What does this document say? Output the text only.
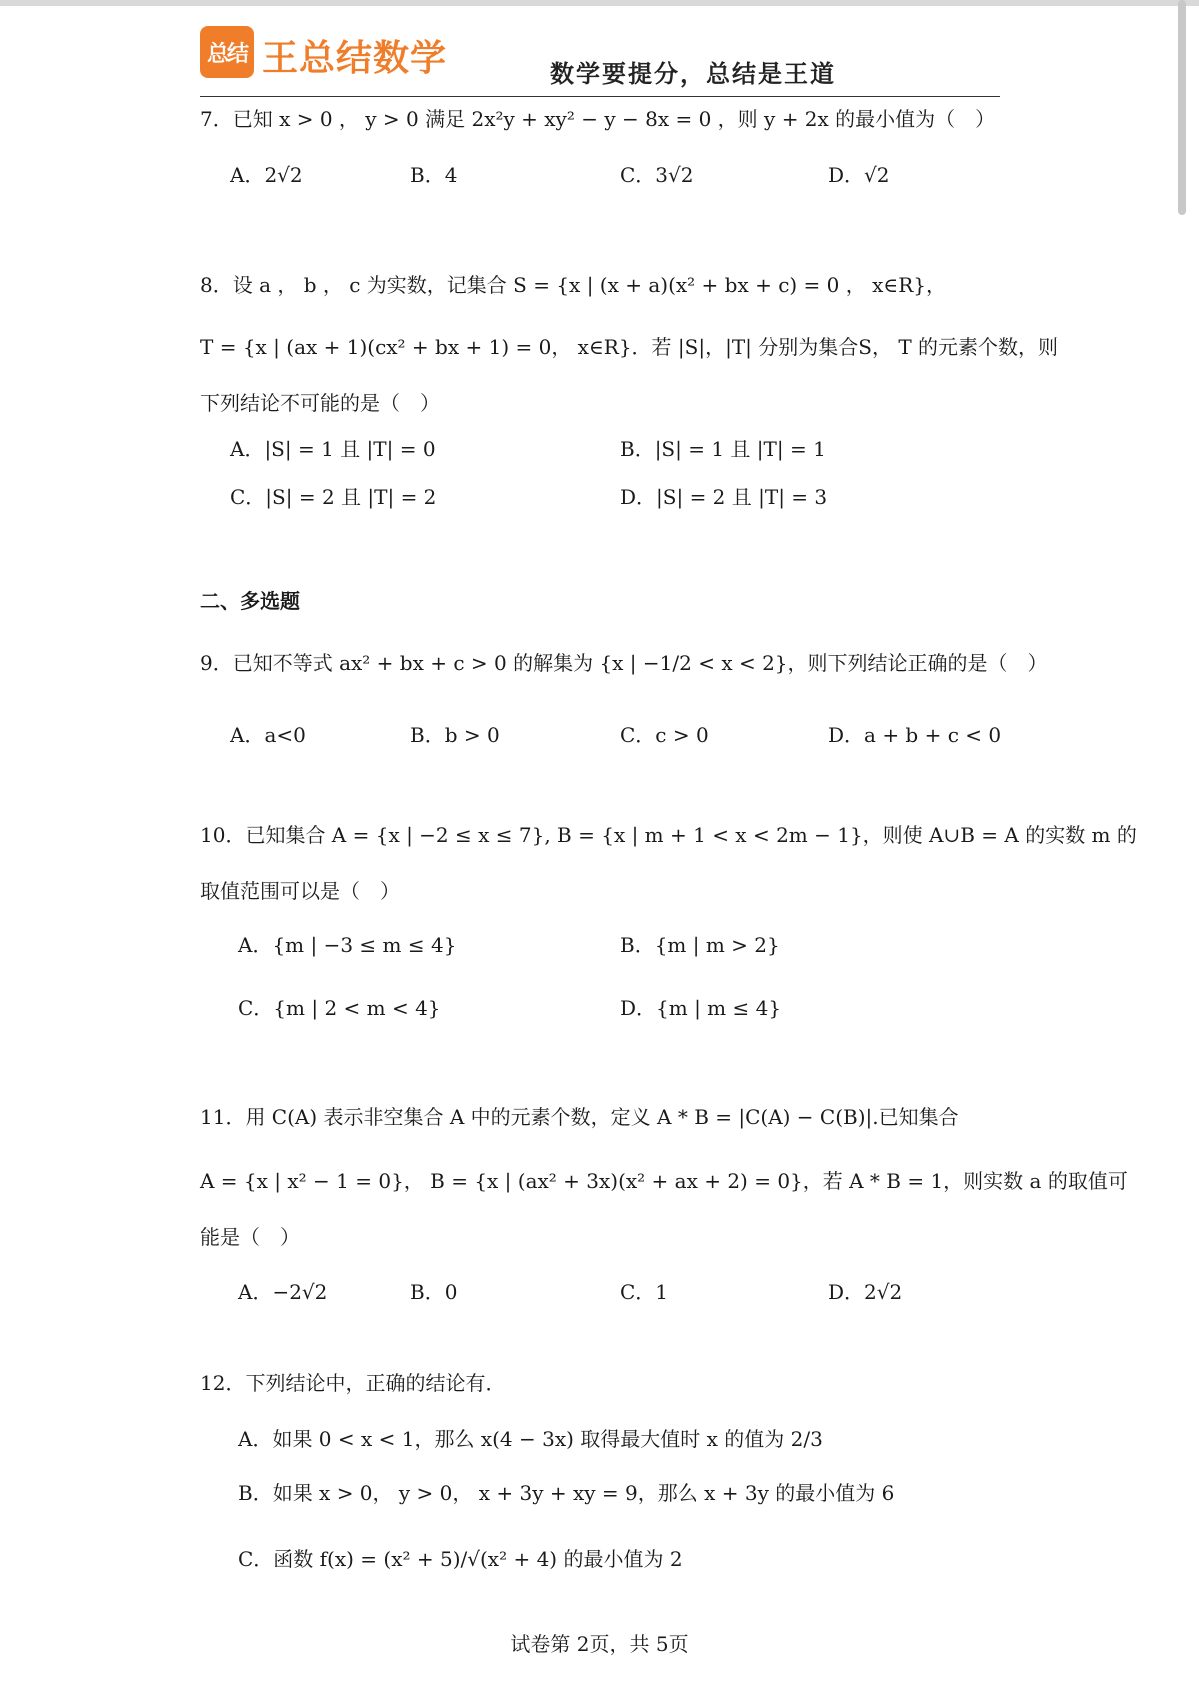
总结 王总结数学	数学要提分，总结是王道
7．已知 x > 0 ， y > 0 满足 2x²y + xy² − y − 8x = 0 ，则 y + 2x 的最小值为（　）
A．2√2	B．4	C．3√2	D．√2
8．设 a ， b ， c 为实数，记集合 S = {x | (x + a)(x² + bx + c) = 0 ， x∈R}，
T = {x | (ax + 1)(cx² + bx + 1) = 0， x∈R}．若 |S|，|T| 分别为集合S， T 的元素个数，则
下列结论不可能的是（　）
A．|S| = 1 且 |T| = 0	B．|S| = 1 且 |T| = 1
C．|S| = 2 且 |T| = 2	D．|S| = 2 且 |T| = 3
二、多选题
9．已知不等式 ax² + bx + c > 0 的解集为 {x | −1/2 < x < 2}，则下列结论正确的是（　）
A．a<0	B．b > 0	C．c > 0	D．a + b + c < 0
10．已知集合 A = {x | −2 ≤ x ≤ 7}, B = {x | m + 1 < x < 2m − 1}，则使 A∪B = A 的实数 m 的
取值范围可以是（　）
A．{m | −3 ≤ m ≤ 4}	B．{m | m > 2}
C．{m | 2 < m < 4}	D．{m | m ≤ 4}
11．用 C(A) 表示非空集合 A 中的元素个数，定义 A * B = |C(A) − C(B)|.已知集合
A = {x | x² − 1 = 0}， B = {x | (ax² + 3x)(x² + ax + 2) = 0}，若 A * B = 1，则实数 a 的取值可
能是（　）
A．−2√2	B．0	C．1	D．2√2
12．下列结论中，正确的结论有．
A．如果 0 < x < 1，那么 x(4 − 3x) 取得最大值时 x 的值为 2/3
B．如果 x > 0， y > 0， x + 3y + xy = 9，那么 x + 3y 的最小值为 6
C．函数 f(x) = (x² + 5)/√(x² + 4) 的最小值为 2
试卷第 2页，共 5页
